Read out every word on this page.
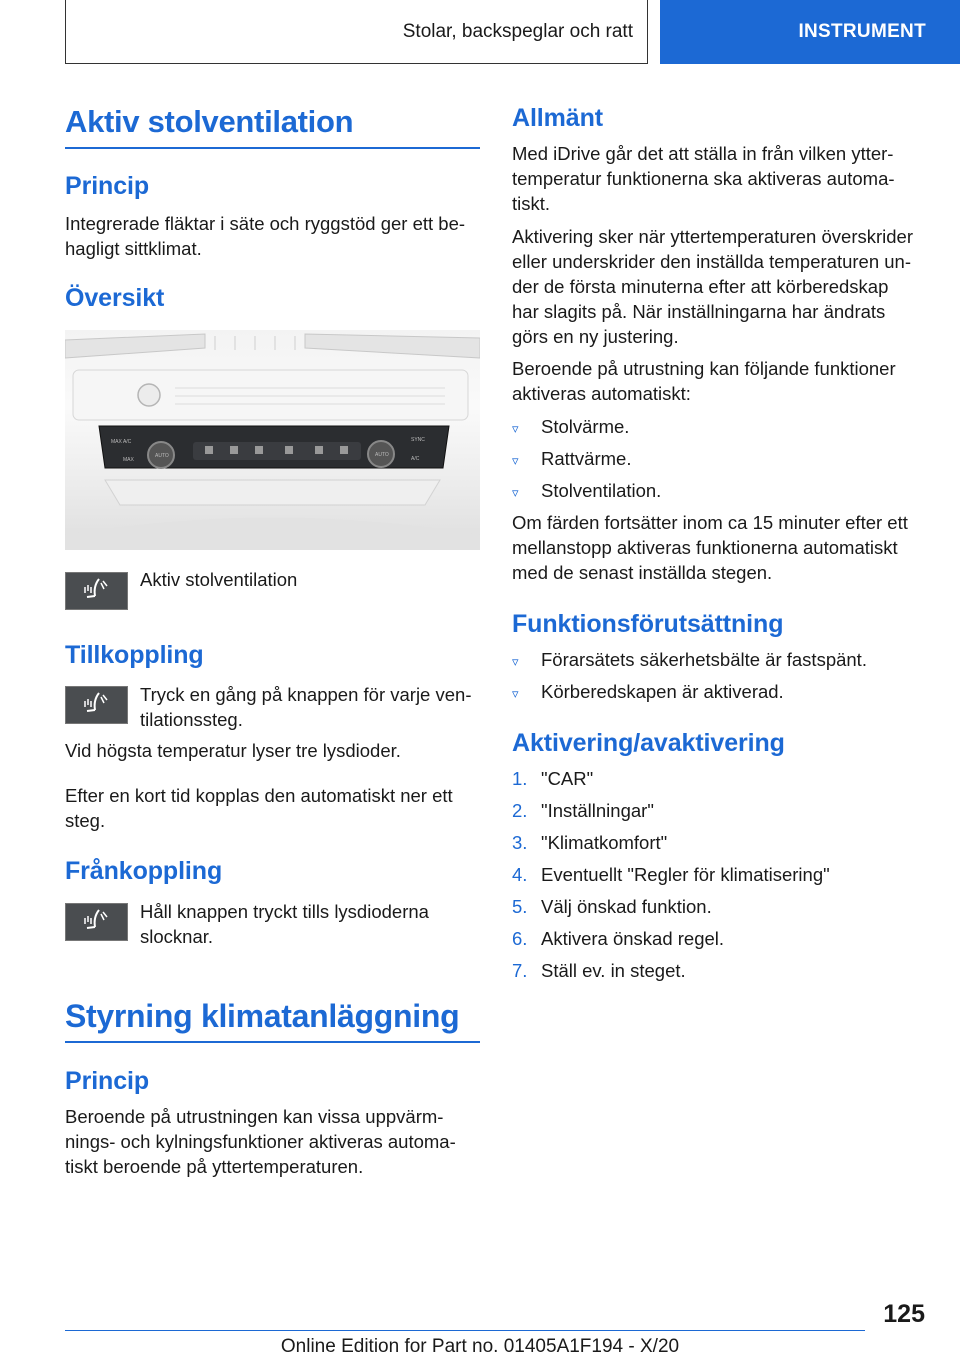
Stolar, backspeglar och ratt	INSTRUMENT
Aktiv stolventilation
Princip

Integrerade fläktar i säte och ryggstöd ger ett be-

hagligt sittklimat.

Översikt
MAX A/C
MAX
AUTO	AUTO
SYNC
A/C

Aktiv stolventilation

Tillkoppling

Tryck en gång på knappen för varje ven-

tilationssteg.

Vid högsta temperatur lyser tre lysdioder.

Efter en kort tid kopplas den automatiskt ner ett

steg.

Frånkoppling

Håll knappen tryckt tills lysdioderna

slocknar.

Styrning klimatanläggning
Princip

Beroende på utrustningen kan vissa uppvärm-

nings- och kylningsfunktioner aktiveras automa-

tiskt beroende på yttertemperaturen.

Allmänt

Med iDrive går det att ställa in från vilken ytter-

temperatur funktionerna ska aktiveras automa-

tiskt.

Aktivering sker när yttertemperaturen överskrider

eller underskrider den inställda temperaturen un-

der de första minuterna efter att körberedskap

har slagits på. När inställningarna har ändrats

görs en ny justering.

Beroende på utrustning kan följande funktioner

aktiveras automatiskt:

▿	Stolvärme.
▿	Rattvärme.
▿	Stolventilation.

Om färden fortsätter inom ca 15 minuter efter ett

mellanstopp aktiveras funktionerna automatiskt

med de senast inställda stegen.

Funktionsförutsättning
▿	Förarsätets säkerhetsbälte är fastspänt.
▿	Körberedskapen är aktiverad.
Aktivering/avaktivering
1. "CAR"
2. "Inställningar"
3. "Klimatkomfort"
4. Eventuellt "Regler för klimatisering"
5. Välj önskad funktion.
6. Aktivera önskad regel.
7. Ställ ev. in steget.
125
Online Edition for Part no. 01405A1F194 - X/20
